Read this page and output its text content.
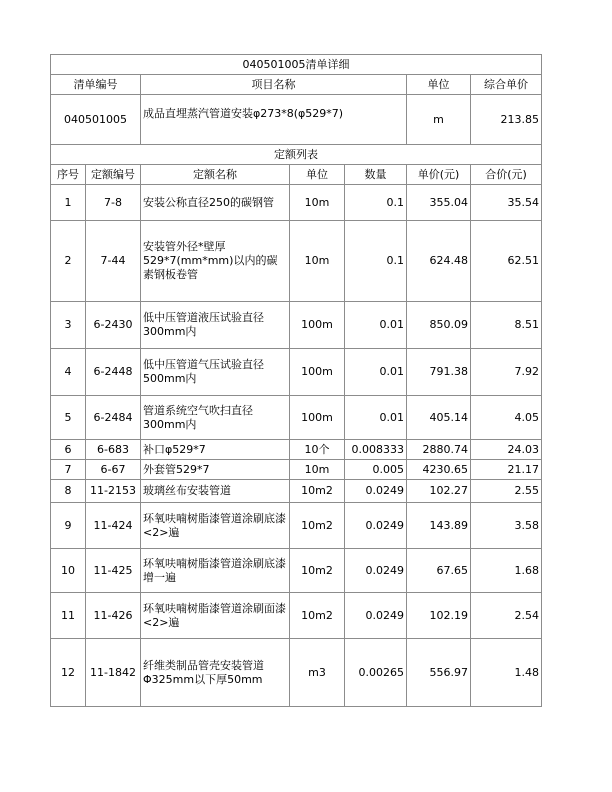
040501005清单详细						
清单编号		项目名称			单位	综合单价
040501005		成品直埋蒸汽管道安装φ273*8(φ529*7)			m	213.85
定额列表						
序号	定额编号	定额名称	单位	数量	单价(元)	合价(元)
1	7-8	安装公称直径250的碳钢管	10m	0.1	355.04	35.54
2	7-44	安装管外径*壁厚529*7(mm*mm)以内的碳素钢板卷管	10m	0.1	624.48	62.51
3	6-2430	低中压管道液压试验直径300mm内	100m	0.01	850.09	8.51
4	6-2448	低中压管道气压试验直径500mm内	100m	0.01	791.38	7.92
5	6-2484	管道系统空气吹扫直径300mm内	100m	0.01	405.14	4.05
6	6-683	补口φ529*7	10个	0.008333	2880.74	24.03
7	6-67	外套管529*7	10m	0.005	4230.65	21.17
8	11-2153	玻璃丝布安装管道	10m2	0.0249	102.27	2.55
9	11-424	环氧呋喃树脂漆管道涂刷底漆<2>遍	10m2	0.0249	143.89	3.58
10	11-425	环氧呋喃树脂漆管道涂刷底漆增一遍	10m2	0.0249	67.65	1.68
11	11-426	环氧呋喃树脂漆管道涂刷面漆<2>遍	10m2	0.0249	102.19	2.54
12	11-1842	纤维类制品管壳安装管道Φ325mm以下厚50mm	m3	0.00265	556.97	1.48
